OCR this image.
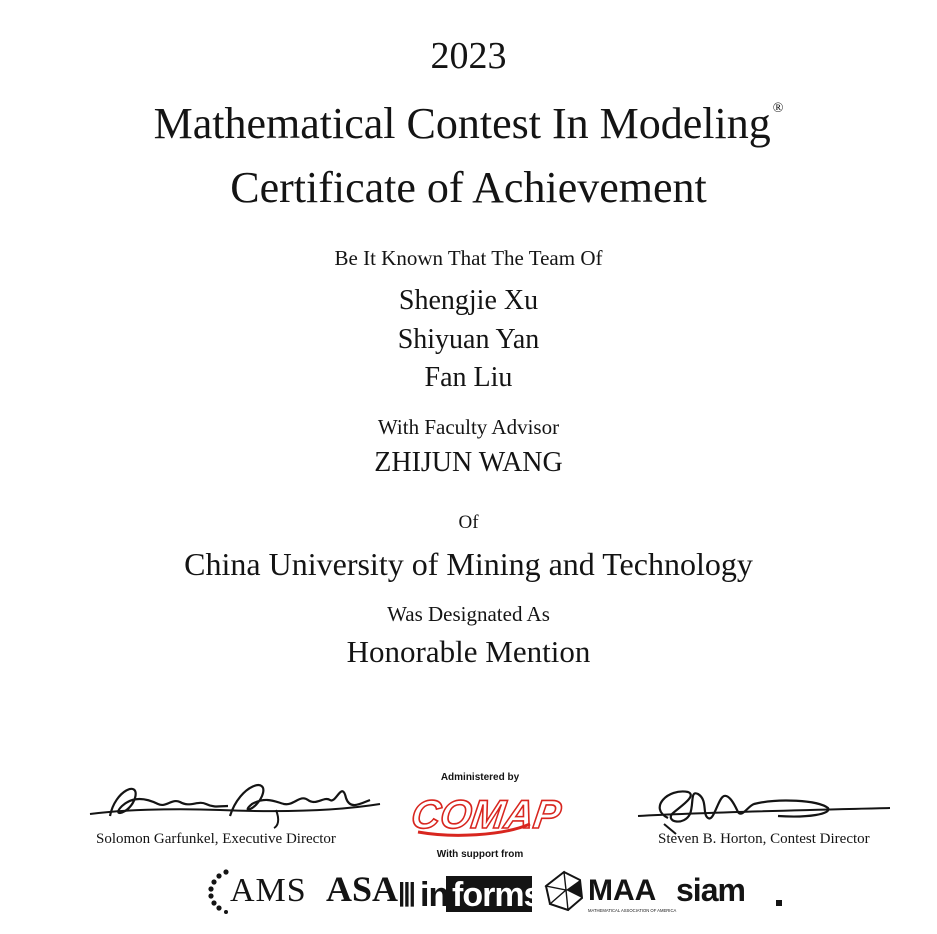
2023
Mathematical Contest In Modeling ®
Certificate of Achievement
Be It Known That The Team Of
Shengjie Xu
Shiyuan Yan
Fan Liu
With Faculty Advisor
ZHIJUN WANG
Of
China University of Mining and Technology
Was Designated As
Honorable Mention
Solomon Garfunkel, Executive Director	Steven B. Horton, Contest Director
Administered by
COMAP
With support from
AMS ASA||| in forms
informs
MAA
MATHEMATICAL ASSOCIATION OF AMERICA
siam
